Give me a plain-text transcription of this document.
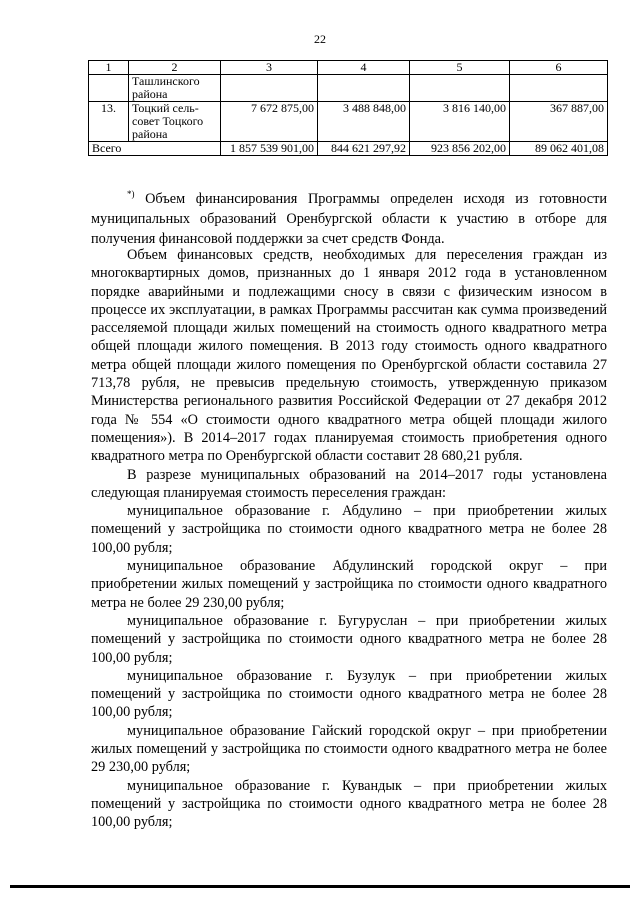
22
1	2	3	4	5	6
	Ташлинского района				
13.	Тоцкий сель-совет Тоцкого района	7 672 875,00	3 488 848,00	3 816 140,00	367 887,00
Всего		1 857 539 901,00	844 621 297,92	923 856 202,00	89 062 401,08

*) Объем финансирования Программы определен исходя из готовности муниципальных образований Оренбургской области к участию в отборе для получения финансовой поддержки за счет средств Фонда.

Объем финансовых средств, необходимых для переселения граждан из многоквартирных домов, признанных до 1 января 2012 года в установленном порядке аварийными и подлежащими сносу в связи с физическим износом в процессе их эксплуатации, в рамках Программы рассчитан как сумма произведений расселяемой площади жилых помещений на стоимость одного квадратного метра общей площади жилого помещения. В 2013 году стоимость одного квадратного метра общей площади жилого помещения по Оренбургской области составила 27 713,78 рубля, не превысив предельную стоимость, утвержденную приказом Министерства регионального развития Российской Федерации от 27 декабря 2012 года № 554 «О стоимости одного квадратного метра общей площади жилого помещения»). В 2014–2017 годах планируемая стоимость приобретения одного квадратного метра по Оренбургской области составит 28 680,21 рубля.

В разрезе муниципальных образований на 2014–2017 годы установлена следующая планируемая стоимость переселения граждан:

муниципальное образование г. Абдулино – при приобретении жилых помещений у застройщика по стоимости одного квадратного метра не более 28 100,00 рубля;

муниципальное образование Абдулинский городской округ – при приобретении жилых помещений у застройщика по стоимости одного квадратного метра не более 29 230,00 рубля;

муниципальное образование г. Бугуруслан – при приобретении жилых помещений у застройщика по стоимости одного квадратного метра не более 28 100,00 рубля;

муниципальное образование г. Бузулук – при приобретении жилых помещений у застройщика по стоимости одного квадратного метра не более 28 100,00 рубля;

муниципальное образование Гайский городской округ – при приобретении жилых помещений у застройщика по стоимости одного квадратного метра не более 29 230,00 рубля;

муниципальное образование г. Кувандык – при приобретении жилых помещений у застройщика по стоимости одного квадратного метра не более 28 100,00 рубля;
